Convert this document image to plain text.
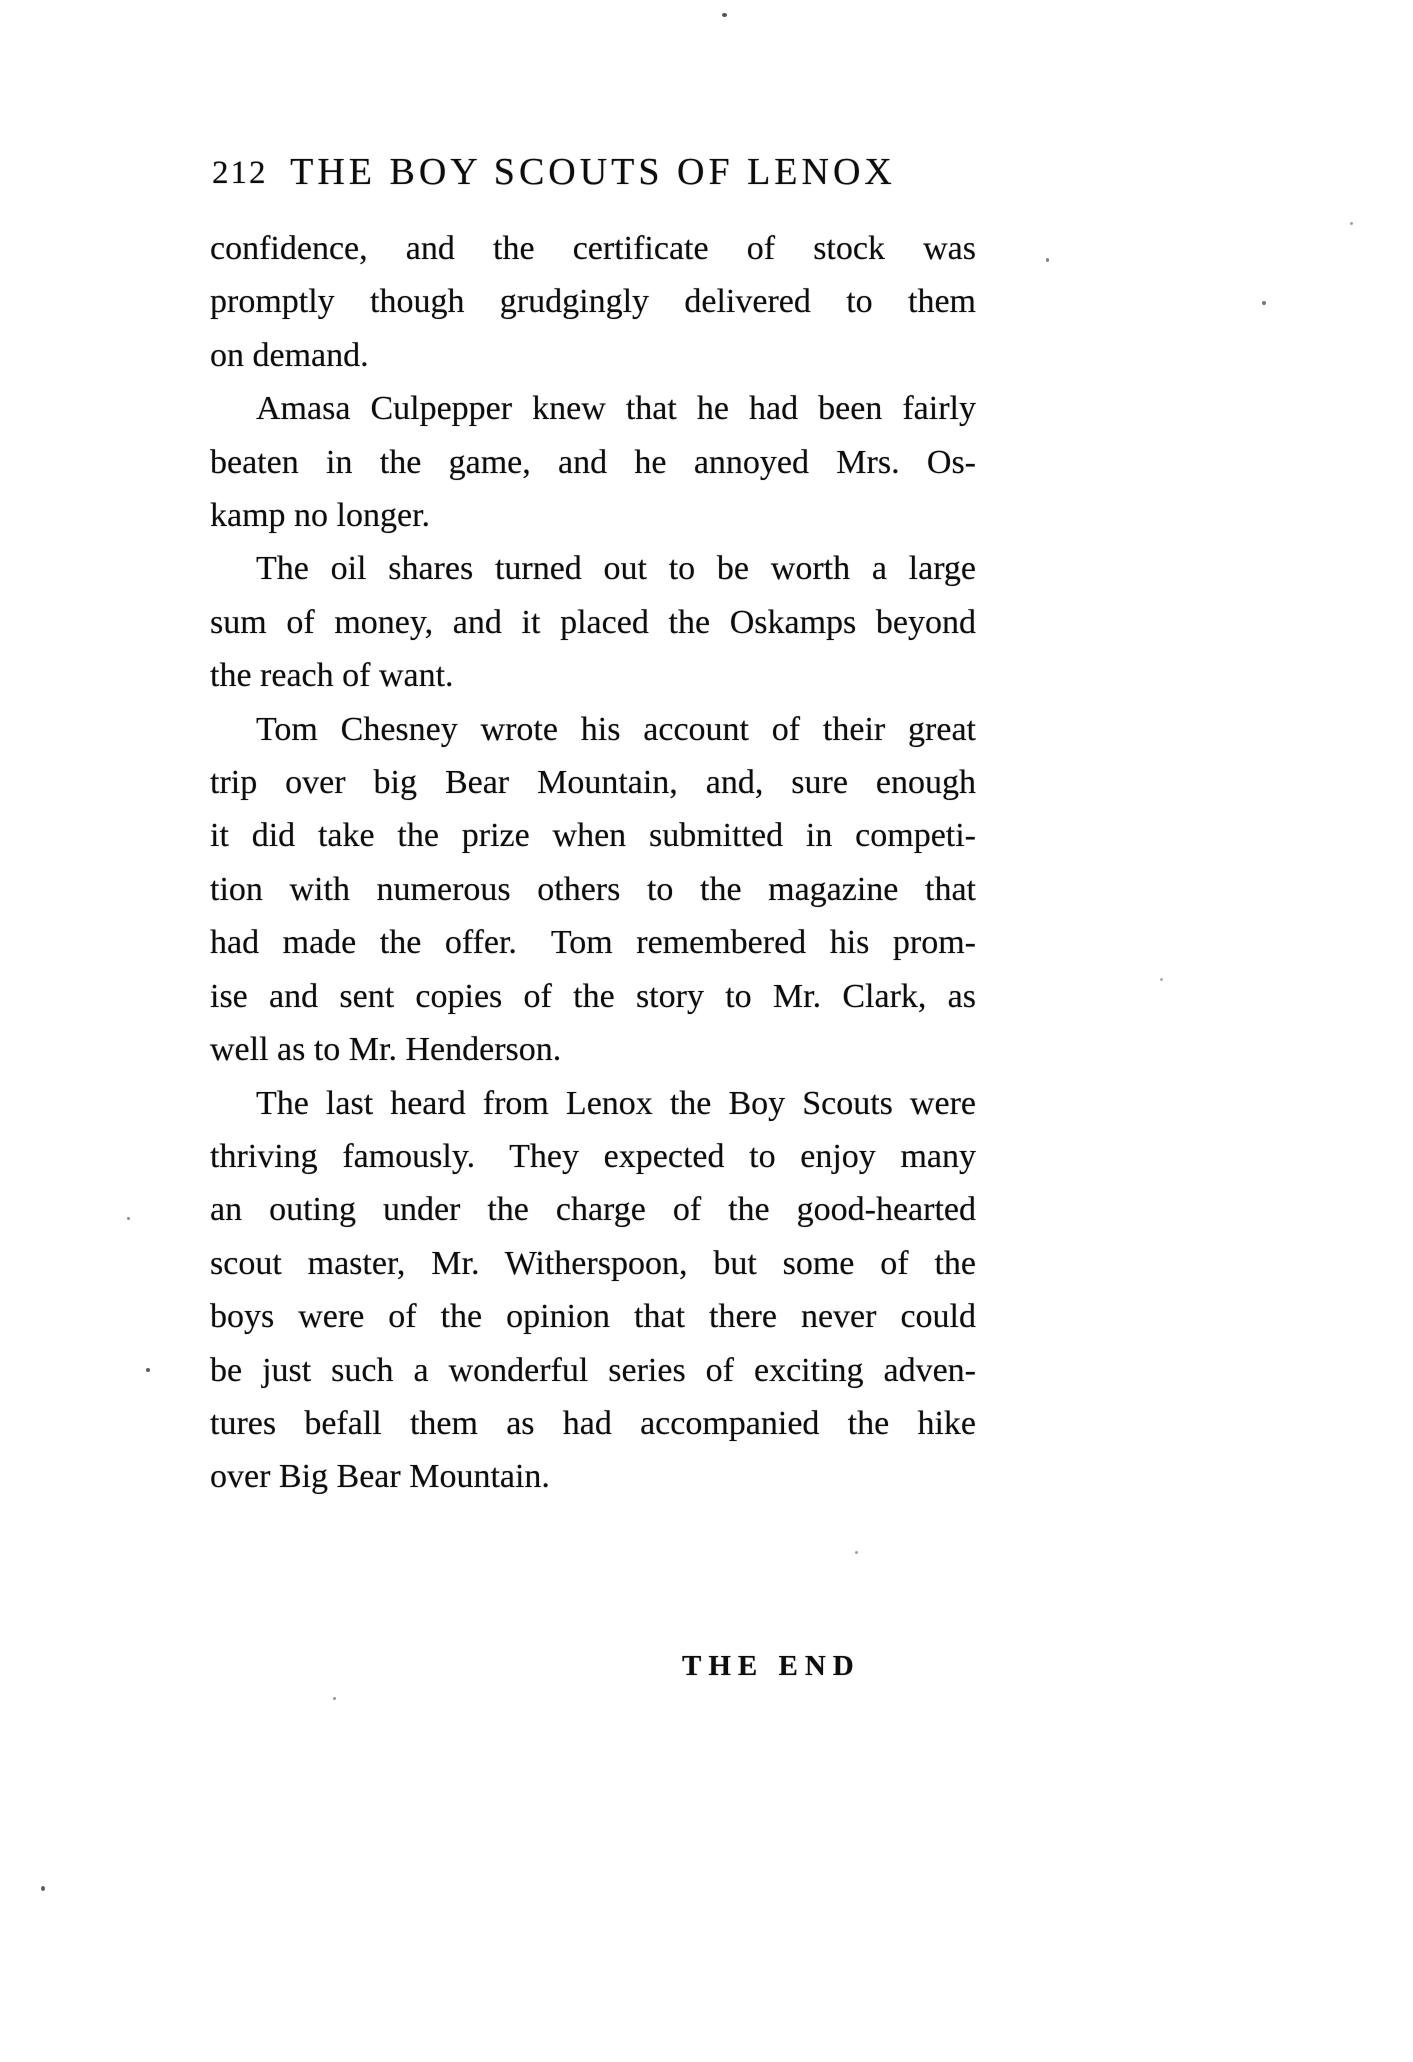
212 THE BOY SCOUTS OF LENOX
confidence, and the certificate of stock was
promptly though grudgingly delivered to them
on demand.
Amasa Culpepper knew that he had been fairly
beaten in the game, and he annoyed Mrs. Os-
kamp no longer.
The oil shares turned out to be worth a large
sum of money, and it placed the Oskamps beyond
the reach of want.
Tom Chesney wrote his account of their great
trip over big Bear Mountain, and, sure enough
it did take the prize when submitted in competi-
tion with numerous others to the magazine that
had made the offer. Tom remembered his prom-
ise and sent copies of the story to Mr. Clark, as
well as to Mr. Henderson.
The last heard from Lenox the Boy Scouts were
thriving famously. They expected to enjoy many
an outing under the charge of the good-hearted
scout master, Mr. Witherspoon, but some of the
boys were of the opinion that there never could
be just such a wonderful series of exciting adven-
tures befall them as had accompanied the hike
over Big Bear Mountain.
THE END
